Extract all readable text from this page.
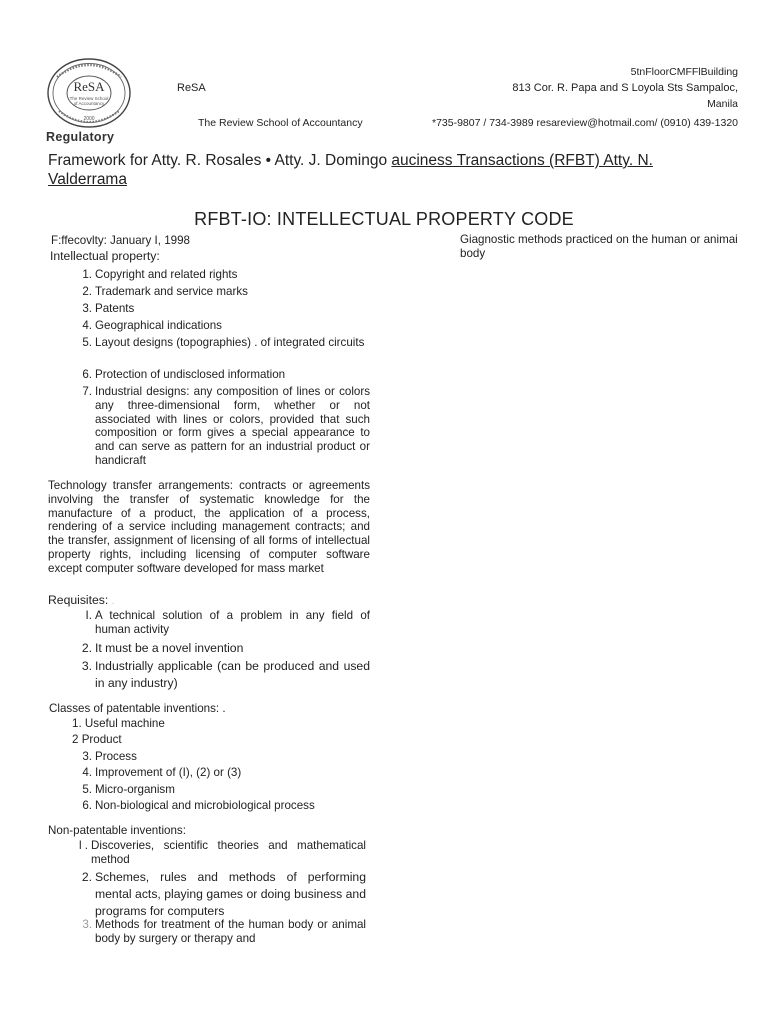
ReSA
The Review School
of Accountancy
2000
Regulatory
ReSA
The Review School of Accountancy
5tnFloorCMFFlBuilding
813 Cor. R. Papa and S Loyola Sts Sampaloc,
Manila
*735-9807 / 734-3989 resareview@hotmail.com/ (0910) 439-1320
Framework for Atty. R. Rosales • Atty. J. Domingo auciness Transactions (RFBT) Atty. N. Valderrama
RFBT-IO: INTELLECTUAL PROPERTY CODE
F:ffecovlty: January I, 1998
Intellectual property:
1. Copyright and related rights
2. Trademark and service marks
3. Patents
4. Geographical indications
5. Layout designs (topographies) . of integrated circuits
6. Protection of undisclosed information
7. Industrial designs: any composition of lines or colors any three-dimensional form, whether or not associated with lines or colors, provided that such composition or form gives a special appearance to and can serve as pattern for an industrial product or handicraft
Technology transfer arrangements: contracts or agreements involving the transfer of systematic knowledge for the manufacture of a product, the application of a process, rendering of a service including management contracts; and the transfer, assignment of licensing of all forms of intellectual property rights, including licensing of computer software except computer software developed for mass market
Requisites: .
I. A technical solution of a problem in any field of human activity
2. It must be a novel invention
3. Industrially applicable (can be produced and used in any industry)
Classes of patentable inventions: .
1. Useful machine
2 Product
3. Process
4. Improvement of (I), (2) or (3)
5. Micro-organism
6. Non-biological and microbiological process
Non-patentable inventions:
l . Discoveries, scientific theories and mathematical method
2. Schemes, rules and methods of performing mental acts, playing games or doing business and programs for computers
3. Methods for treatment of the human body or animal body by surgery or therapy and
Giagnostic methods practiced on the human or animai body
